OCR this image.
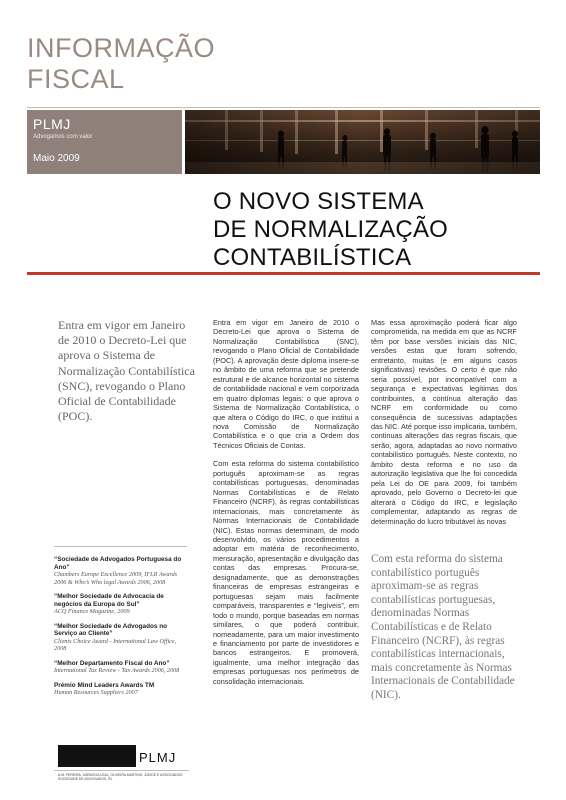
INFORMAÇÃO
FISCAL
PLMJ
Advogamos com valor
Maio 2009
O NOVO SISTEMA
DE NORMALIZAÇÃO
CONTABILÍSTICA
Entra em vigor em Janeiro de 2010 o Decreto-Lei que aprova o Sistema de Normalização Contabilística (SNC), revogando o Plano Oficial de Contabilidade (POC).

Entra em vigor em Janeiro de 2010 o Decreto-Lei que aprova o Sistema de Normalização Contabilística (SNC), revogando o Plano Oficial de Contabilidade (POC). A aprovação deste diploma insere-se no âmbito de uma reforma que se pretende estrutural e de alcance horizontal no sistema de contabilidade nacional e vem corporizada em quatro diplomas legais: o que aprova o Sistema de Normalização Contabilística, o que altera o Código do IRC, o que institui a nova Comissão de Normalização Contabilística e o que cria a Ordem dos Técnicos Oficiais de Contas.

Com esta reforma do sistema contabilístico português aproximam-se as regras contabilísticas portuguesas, denominadas Normas Contabilísticas e de Relato Financeiro (NCRF), às regras contabilísticas internacionais, mais concretamente às Normas Internacionais de Contabilidade (NIC). Estas normas determinam, de modo desenvolvido, os vários procedimentos a adoptar em matéria de reconhecimento, mensuração, apresentação e divulgação das contas das empresas. Procura-se, designadamente, que as demonstrações financeiras de empresas estrangeiras e portuguesas sejam mais facilmente comparáveis, transparentes e “legíveis”, em todo o mundo, porque baseadas em normas similares, o que poderá contribuir, nomeadamente, para um maior investimento e financiamento por parte de investidores e bancos estrangeiros. E promoverá, igualmente, uma melhor integração das empresas portuguesas nos perímetros de consolidação internacionais.

Mas essa aproximação poderá ficar algo comprometida, na medida em que as NCRF têm por base versões iniciais das NIC, versões estas que foram sofrendo, entretanto, muitas (e em alguns casos significativas) revisões. O certo é que não seria possível, por incompatível com a segurança e expectativas legítimas dos contribuintes, a contínua alteração das NCRF em conformidade ou como consequência de sucessivas adaptações das NIC. Até porque isso implicaria, também, continuas alterações das regras fiscais, que serão, agora, adaptadas ao novo normativo contabilístico português. Neste contexto, no âmbito desta reforma e no uso da autorização legislativa que lhe foi concedida pela Lei do OE para 2009, foi também aprovado, pelo Governo o Decreto-lei que alterará o Código do IRC, e legislação complementar, adaptando as regras de determinação do lucro tributável às novas

Com esta reforma do sistema contabilístico português aproximam-se as regras contabilísticas portuguesas, denominadas Normas Contabilísticas e de Relato Financeiro (NCRF), às regras contabilísticas internacionais, mais concretamente às Normas Internacionais de Contabilidade (NIC).
“Sociedade de Advogados Portuguesa do Ano”
Chambers Europe Excellence 2009, IFLR Awards 2006 & Who’s Who legal Awards 2006, 2008
“Melhor Sociedade de Advocacia de negócios da Europa do Sul”
ACQ Finance Magazine, 2009
“Melhor Sociedade de Advogados no Serviço ao Cliente”
Clients Choice Award - International Law Office, 2008
“Melhor Departamento Fiscal do Ano”
International Tax Review - Tax Awards 2006, 2008
Prémio Mind Leaders Awards TM
Human Resources Suppliers 2007
PLMJ
A.M. PEREIRA, SÁRAGGA LEAL, OLIVEIRA MARTINS, JÚDICE E ASSOCIADOS SOCIEDADE DE ADVOGADOS, RL
